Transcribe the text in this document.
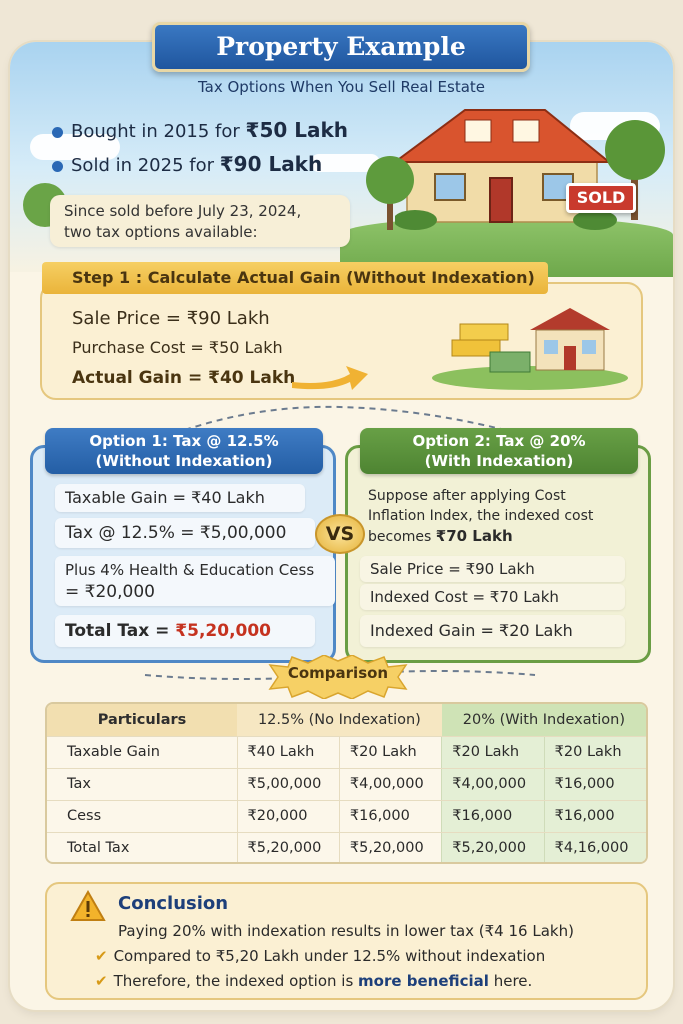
Property Example
Tax Options When You Sell Real Estate
Bought in 2015 for ₹50 Lakh
Sold in 2025 for ₹90 Lakh
Since sold before July 23, 2024,
two tax options available:
SOLD
Step 1 : Calculate Actual Gain (Without Indexation)
Sale Price = ₹90 Lakh
Purchase Cost = ₹50 Lakh
Actual Gain = ₹40 Lakh
Option 1: Tax @ 12.5%
(Without Indexation)
Taxable Gain = ₹40 Lakh
Tax @ 12.5% = ₹5,00,000
Plus 4% Health & Education Cess
= ₹20,000
Total Tax = ₹5,20,000
VS
Option 2: Tax @ 20%
(With Indexation)
Suppose after applying Cost
Inflation Index, the indexed cost
becomes ₹70 Lakh
Sale Price = ₹90 Lakh
Indexed Cost = ₹70 Lakh
Indexed Gain = ₹20 Lakh
Comparison
Particulars	12.5% (No Indexation)		20% (With Indexation)	
Taxable Gain	₹40 Lakh	₹20 Lakh	₹20 Lakh	₹20 Lakh
Tax	₹5,00,000	₹4,00,000	₹4,00,000	₹16,000
Cess	₹20,000	₹16,000	₹16,000	₹16,000
Total Tax	₹5,20,000	₹5,20,000	₹5,20,000	₹4,16,000
Conclusion
Paying 20% with indexation results in lower tax (₹4 16 Lakh)
✔ Compared to ₹5,20 Lakh under 12.5% without indexation
✔ Therefore, the indexed option is more beneficial here.
